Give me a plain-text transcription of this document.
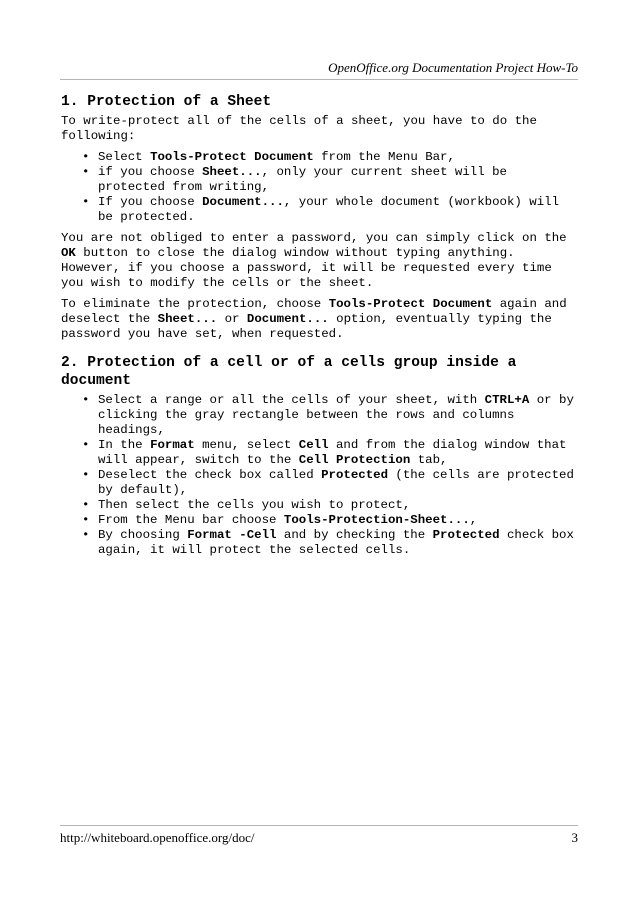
OpenOffice.org Documentation Project How-To
1. Protection of a Sheet

To write-protect all of the cells of a sheet, you have to do the following:

• Select Tools-Protect Document from the Menu Bar,
• if you choose Sheet..., only your current sheet will be protected from writing,
• If you choose Document..., your whole document (workbook) will be protected.

You are not obliged to enter a password, you can simply click on the OK button to close the dialog window without typing anything. However, if you choose a password, it will be requested every time you wish to modify the cells or the sheet.

To eliminate the protection, choose Tools-Protect Document again and deselect the Sheet... or Document... option, eventually typing the password you have set, when requested.

2. Protection of a cell or of a cells group inside a document
• Select a range or all the cells of your sheet, with CTRL+A or by clicking the gray rectangle between the rows and columns headings,
• In the Format menu, select Cell and from the dialog window that will appear, switch to the Cell Protection tab,
• Deselect the check box called Protected (the cells are protected by default),
• Then select the cells you wish to protect,
• From the Menu bar choose Tools-Protection-Sheet...,
• By choosing Format -Cell and by checking the Protected check box again, it will protect the selected cells.
http://whiteboard.openoffice.org/doc/	3
